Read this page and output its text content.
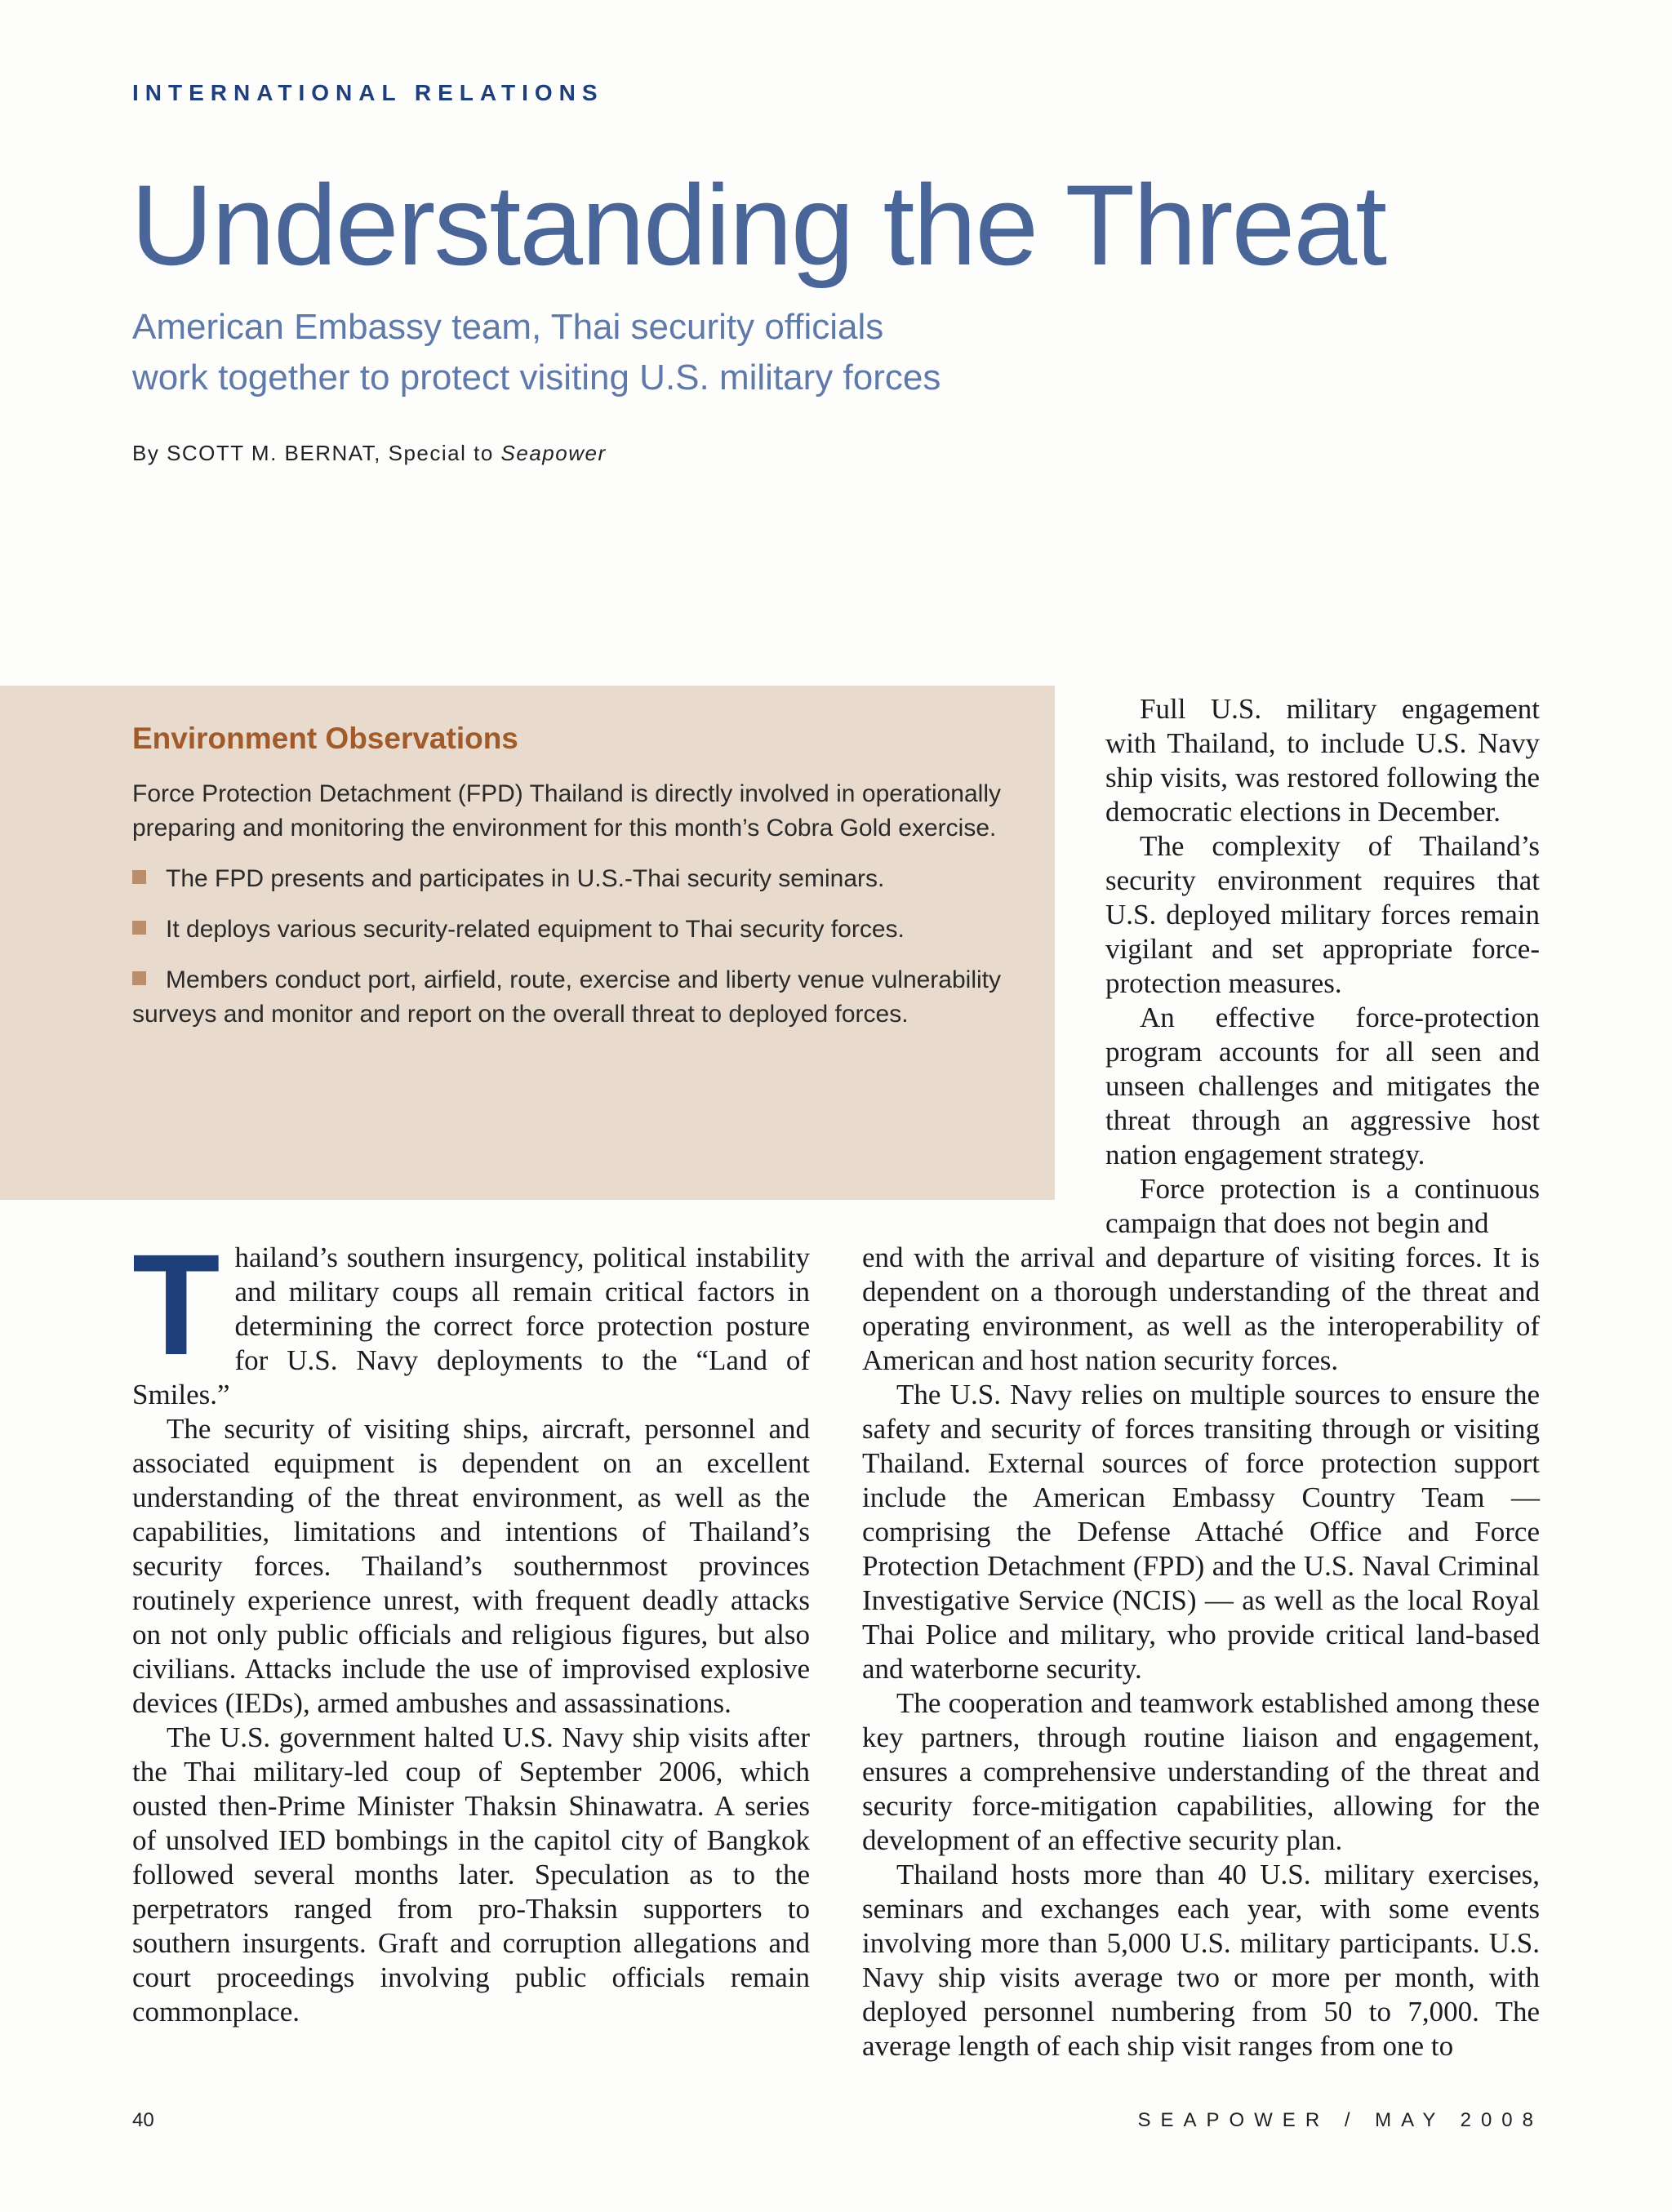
INTERNATIONAL RELATIONS
Understanding the Threat
American Embassy team, Thai security officials
work together to protect visiting U.S. military forces
By SCOTT M. BERNAT, Special to Seapower
Environment Observations

Force Protection Detachment (FPD) Thailand is directly involved in operationally preparing and monitoring the environment for this month’s Cobra Gold exercise.

The FPD presents and participates in U.S.-Thai security seminars.

It deploys various security-related equipment to Thai security forces.

Members conduct port, airfield, route, exercise and liberty venue vulnerability surveys and monitor and report on the overall threat to deployed forces.

Full U.S. military engagement with Thailand, to include U.S. Navy ship visits, was restored following the democratic elections in December.

The complexity of Thailand’s security environment requires that U.S. deployed military forces remain vigilant and set appropriate force-protection measures.

An effective force-protection program accounts for all seen and unseen challenges and mitigates the threat through an aggressive host nation engagement strategy.

Force protection is a continuous campaign that does not begin and

Thailand’s southern insurgency, political instability and military coups all remain critical factors in determining the correct force protection posture for U.S. Navy deployments to the “Land of Smiles.”

The security of visiting ships, aircraft, personnel and associated equipment is dependent on an excellent understanding of the threat environment, as well as the capabilities, limitations and intentions of Thailand’s security forces. Thailand’s southernmost provinces routinely experience unrest, with frequent deadly attacks on not only public officials and religious figures, but also civilians. Attacks include the use of improvised explosive devices (IEDs), armed ambushes and assassinations.

The U.S. government halted U.S. Navy ship visits after the Thai military-led coup of September 2006, which ousted then-Prime Minister Thaksin Shinawatra. A series of unsolved IED bombings in the capitol city of Bangkok followed several months later. Speculation as to the perpetrators ranged from pro-Thaksin supporters to southern insurgents. Graft and corruption allegations and court proceedings involving public officials remain commonplace.

end with the arrival and departure of visiting forces. It is dependent on a thorough understanding of the threat and operating environment, as well as the interoperability of American and host nation security forces.

The U.S. Navy relies on multiple sources to ensure the safety and security of forces transiting through or visiting Thailand. External sources of force protection support include the American Embassy Country Team — comprising the Defense Attaché Office and Force Protection Detachment (FPD) and the U.S. Naval Criminal Investigative Service (NCIS) — as well as the local Royal Thai Police and military, who provide critical land-based and waterborne security.

The cooperation and teamwork established among these key partners, through routine liaison and engagement, ensures a comprehensive understanding of the threat and security force-mitigation capabilities, allowing for the development of an effective security plan.

Thailand hosts more than 40 U.S. military exercises, seminars and exchanges each year, with some events involving more than 5,000 U.S. military participants. U.S. Navy ship visits average two or more per month, with deployed personnel numbering from 50 to 7,000. The average length of each ship visit ranges from one to

40	SEAPOWER / MAY 2008
